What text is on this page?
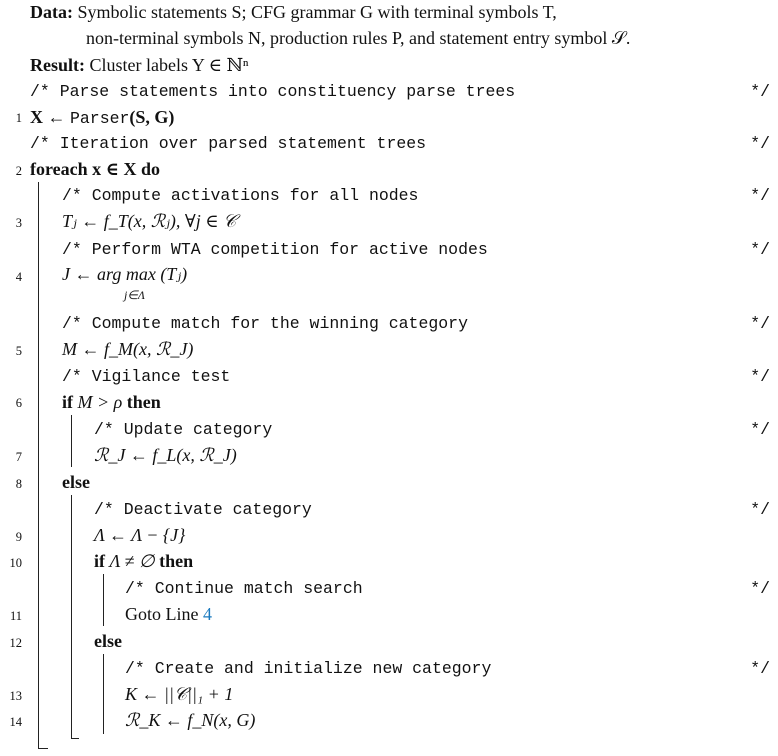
Data: Symbolic statements S; CFG grammar G with terminal symbols T,
non-terminal symbols N, production rules P, and statement entry symbol 𝒮.
Result: Cluster labels Y ∈ ℕⁿ
/* Parse statements into constituency parse trees	*/
1 X ← Parser(S, G)
/* Iteration over parsed statement trees	*/
2 foreach x ∈ X do
/* Compute activations for all nodes	*/
3 Tⱼ ← f_T(x, ℛⱼ), ∀j ∈ 𝒞
/* Perform WTA competition for active nodes	*/
4 J ← arg max (Tⱼ)
j∈Λ
/* Compute match for the winning category	*/
5 M ← f_M(x, ℛ_J)
/* Vigilance test	*/
6 if M > ρ then
/* Update category	*/
7	ℛ_J ← f_L(x, ℛ_J)
8 else
/* Deactivate category	*/
9	Λ ← Λ − {J}
10	if Λ ≠ ∅ then
/* Continue match search	*/
11	Goto Line 4
12	else
/* Create and initialize new category	*/
13	K ← ||𝒞||₁ + 1
14	ℛ_K ← f_N(x, G)
